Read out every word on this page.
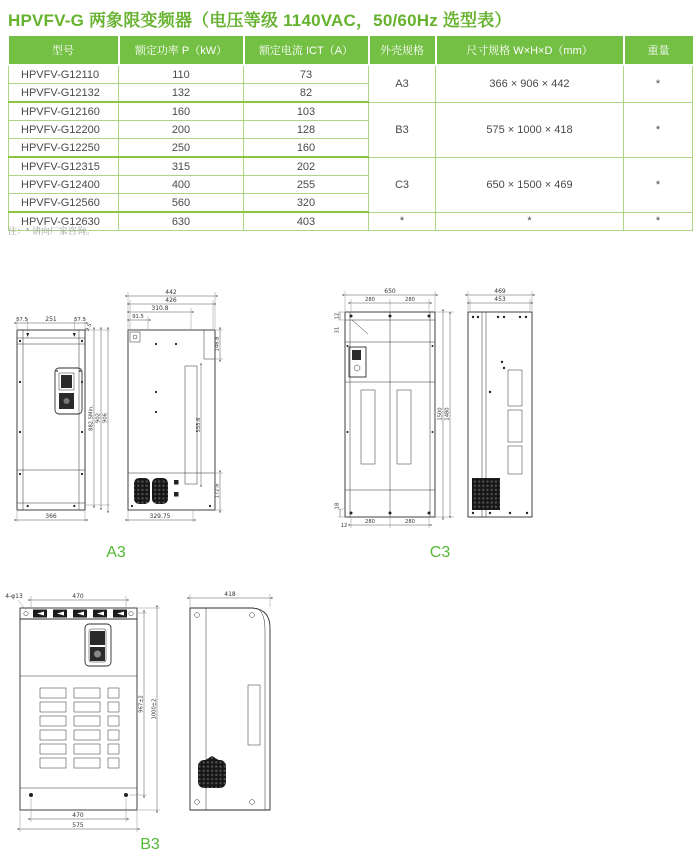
HPVFV-G 两象限变频器（电压等级 1140VAC，50/60Hz 选型表）
型号	额定功率 P（kW）	额定电流 ICT（A）	外壳规格	尺寸规格 W×H×D（mm）	重量
HPVFV-G12110	110	73	A3	366 × 906 × 442	*
HPVFV-G12132	132	82			
HPVFV-G12160	160	103	B3	575 × 1000 × 418	*
HPVFV-G12200	200	128			
HPVFV-G12250	250	160			
HPVFV-G12315	315	202	C3	650 × 1500 × 469	*
HPVFV-G12400	400	255			
HPVFV-G12560	560	320			
HPVFV-G12630	630	403	*	*	*
注：* 请向厂家咨询。
57.5	251	57.5
9.5
882.5Min. 902 906
366
442
426
310.8
91.5
148.8
555.6
172.6
329.75
A3
650
280	280
12
31
1500 1480
18
12
280	280
469
453
C3
4-φ13	470
967±2 1000±2
470
575
418
B3
